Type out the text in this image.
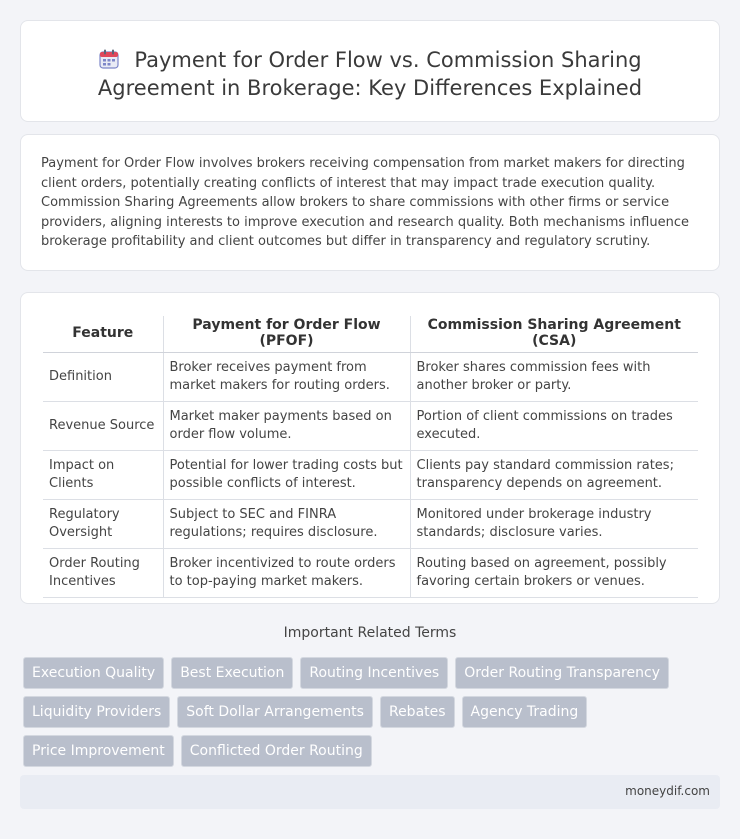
Payment for Order Flow vs. Commission Sharing Agreement in Brokerage: Key Differences Explained

Payment for Order Flow involves brokers receiving compensation from market makers for directing client orders, potentially creating conflicts of interest that may impact trade execution quality. Commission Sharing Agreements allow brokers to share commissions with other firms or service providers, aligning interests to improve execution and research quality. Both mechanisms influence brokerage profitability and client outcomes but differ in transparency and regulatory scrutiny.

Feature	Payment for Order Flow (PFOF)	Commission Sharing Agreement (CSA)
Definition	Broker receives payment from market makers for routing orders.	Broker shares commission fees with another broker or party.
Revenue Source	Market maker payments based on order flow volume.	Portion of client commissions on trades executed.
Impact on Clients	Potential for lower trading costs but possible conflicts of interest.	Clients pay standard commission rates; transparency depends on agreement.
Regulatory Oversight	Subject to SEC and FINRA regulations; requires disclosure.	Monitored under brokerage industry standards; disclosure varies.
Order Routing Incentives	Broker incentivized to route orders to top-paying market makers.	Routing based on agreement, possibly favoring certain brokers or venues.
Important Related Terms
Execution Quality	Best Execution	Routing Incentives	Order Routing Transparency
Liquidity Providers	Soft Dollar Arrangements	Rebates	Agency Trading
Price Improvement	Conflicted Order Routing
moneydif.com
